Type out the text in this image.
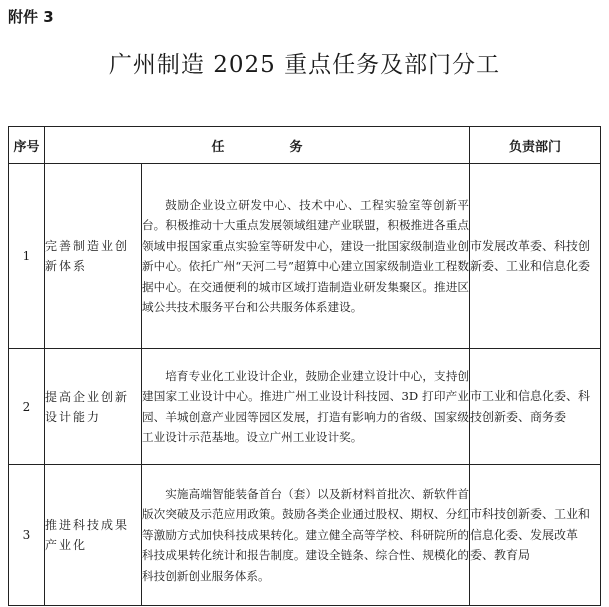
附件 3
广州制造 2025 重点任务及部门分工
序号	任　务		负责部门
1	完善制造业创新体系	鼓励企业设立研发中心、技术中心、工程实验室等创新平台。积极推动十大重点发展领域组建产业联盟，积极推进各重点领域申报国家重点实验室等研发中心，建设一批国家级制造业创新中心。依托广州“天河二号”超算中心建立国家级制造业工程数据中心。在交通便利的城市区域打造制造业研发集聚区。推进区域公共技术服务平台和公共服务体系建设。	市发展改革委、科技创新委、工业和信息化委
2	提高企业创新设计能力	培育专业化工业设计企业，鼓励企业建立设计中心，支持创建国家工业设计中心。推进广州工业设计科技园、3D 打印产业园、羊城创意产业园等园区发展，打造有影响力的省级、国家级工业设计示范基地。设立广州工业设计奖。	市工业和信息化委、科技创新委、商务委
3	推进科技成果产业化	实施高端智能装备首台（套）以及新材料首批次、新软件首版次突破及示范应用政策。鼓励各类企业通过股权、期权、分红等激励方式加快科技成果转化。建立健全高等学校、科研院所的科技成果转化统计和报告制度。建设全链条、综合性、规模化的科技创新创业服务体系。	市科技创新委、工业和信息化委、发展改革委、教育局
